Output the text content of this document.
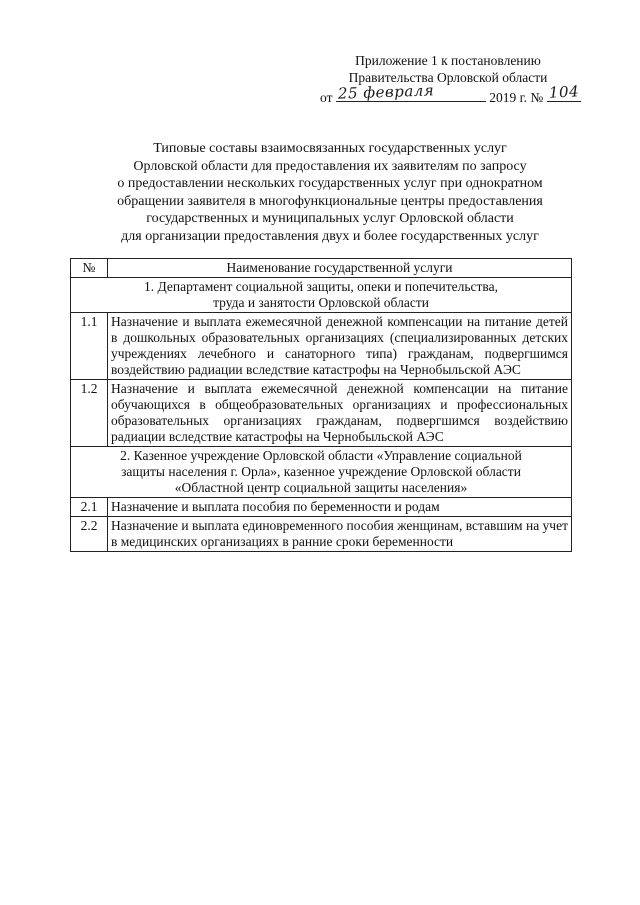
Приложение 1 к постановлению
Правительства Орловской области
от 25 февраля	2019 г. № 104
Типовые составы взаимосвязанных государственных услуг
Орловской области для предоставления их заявителям по запросу
о предоставлении нескольких государственных услуг при однократном
обращении заявителя в многофункциональные центры предоставления
государственных и муниципальных услуг Орловской области
для организации предоставления двух и более государственных услуг
№	Наименование государственной услуги
1. Департамент социальной защиты, опеки и попечительства,
труда и занятости Орловской области	
1.1	Назначение и выплата ежемесячной денежной компенсации на питание детей в дошкольных образовательных организациях (специализированных детских учреждениях лечебного и санаторного типа) гражданам, подвергшимся воздействию радиации вследствие катастрофы на Чернобыльской АЭС
1.2	Назначение и выплата ежемесячной денежной компенсации на питание обучающихся в общеобразовательных организациях и профессиональных образовательных организациях гражданам, подвергшимся воздействию радиации вследствие катастрофы на Чернобыльской АЭС
2. Казенное учреждение Орловской области «Управление социальной
защиты населения г. Орла», казенное учреждение Орловской области
«Областной центр социальной защиты населения»	
2.1	Назначение и выплата пособия по беременности и родам
2.2	Назначение и выплата единовременного пособия женщинам, вставшим на учет в медицинских организациях в ранние сроки беременности
